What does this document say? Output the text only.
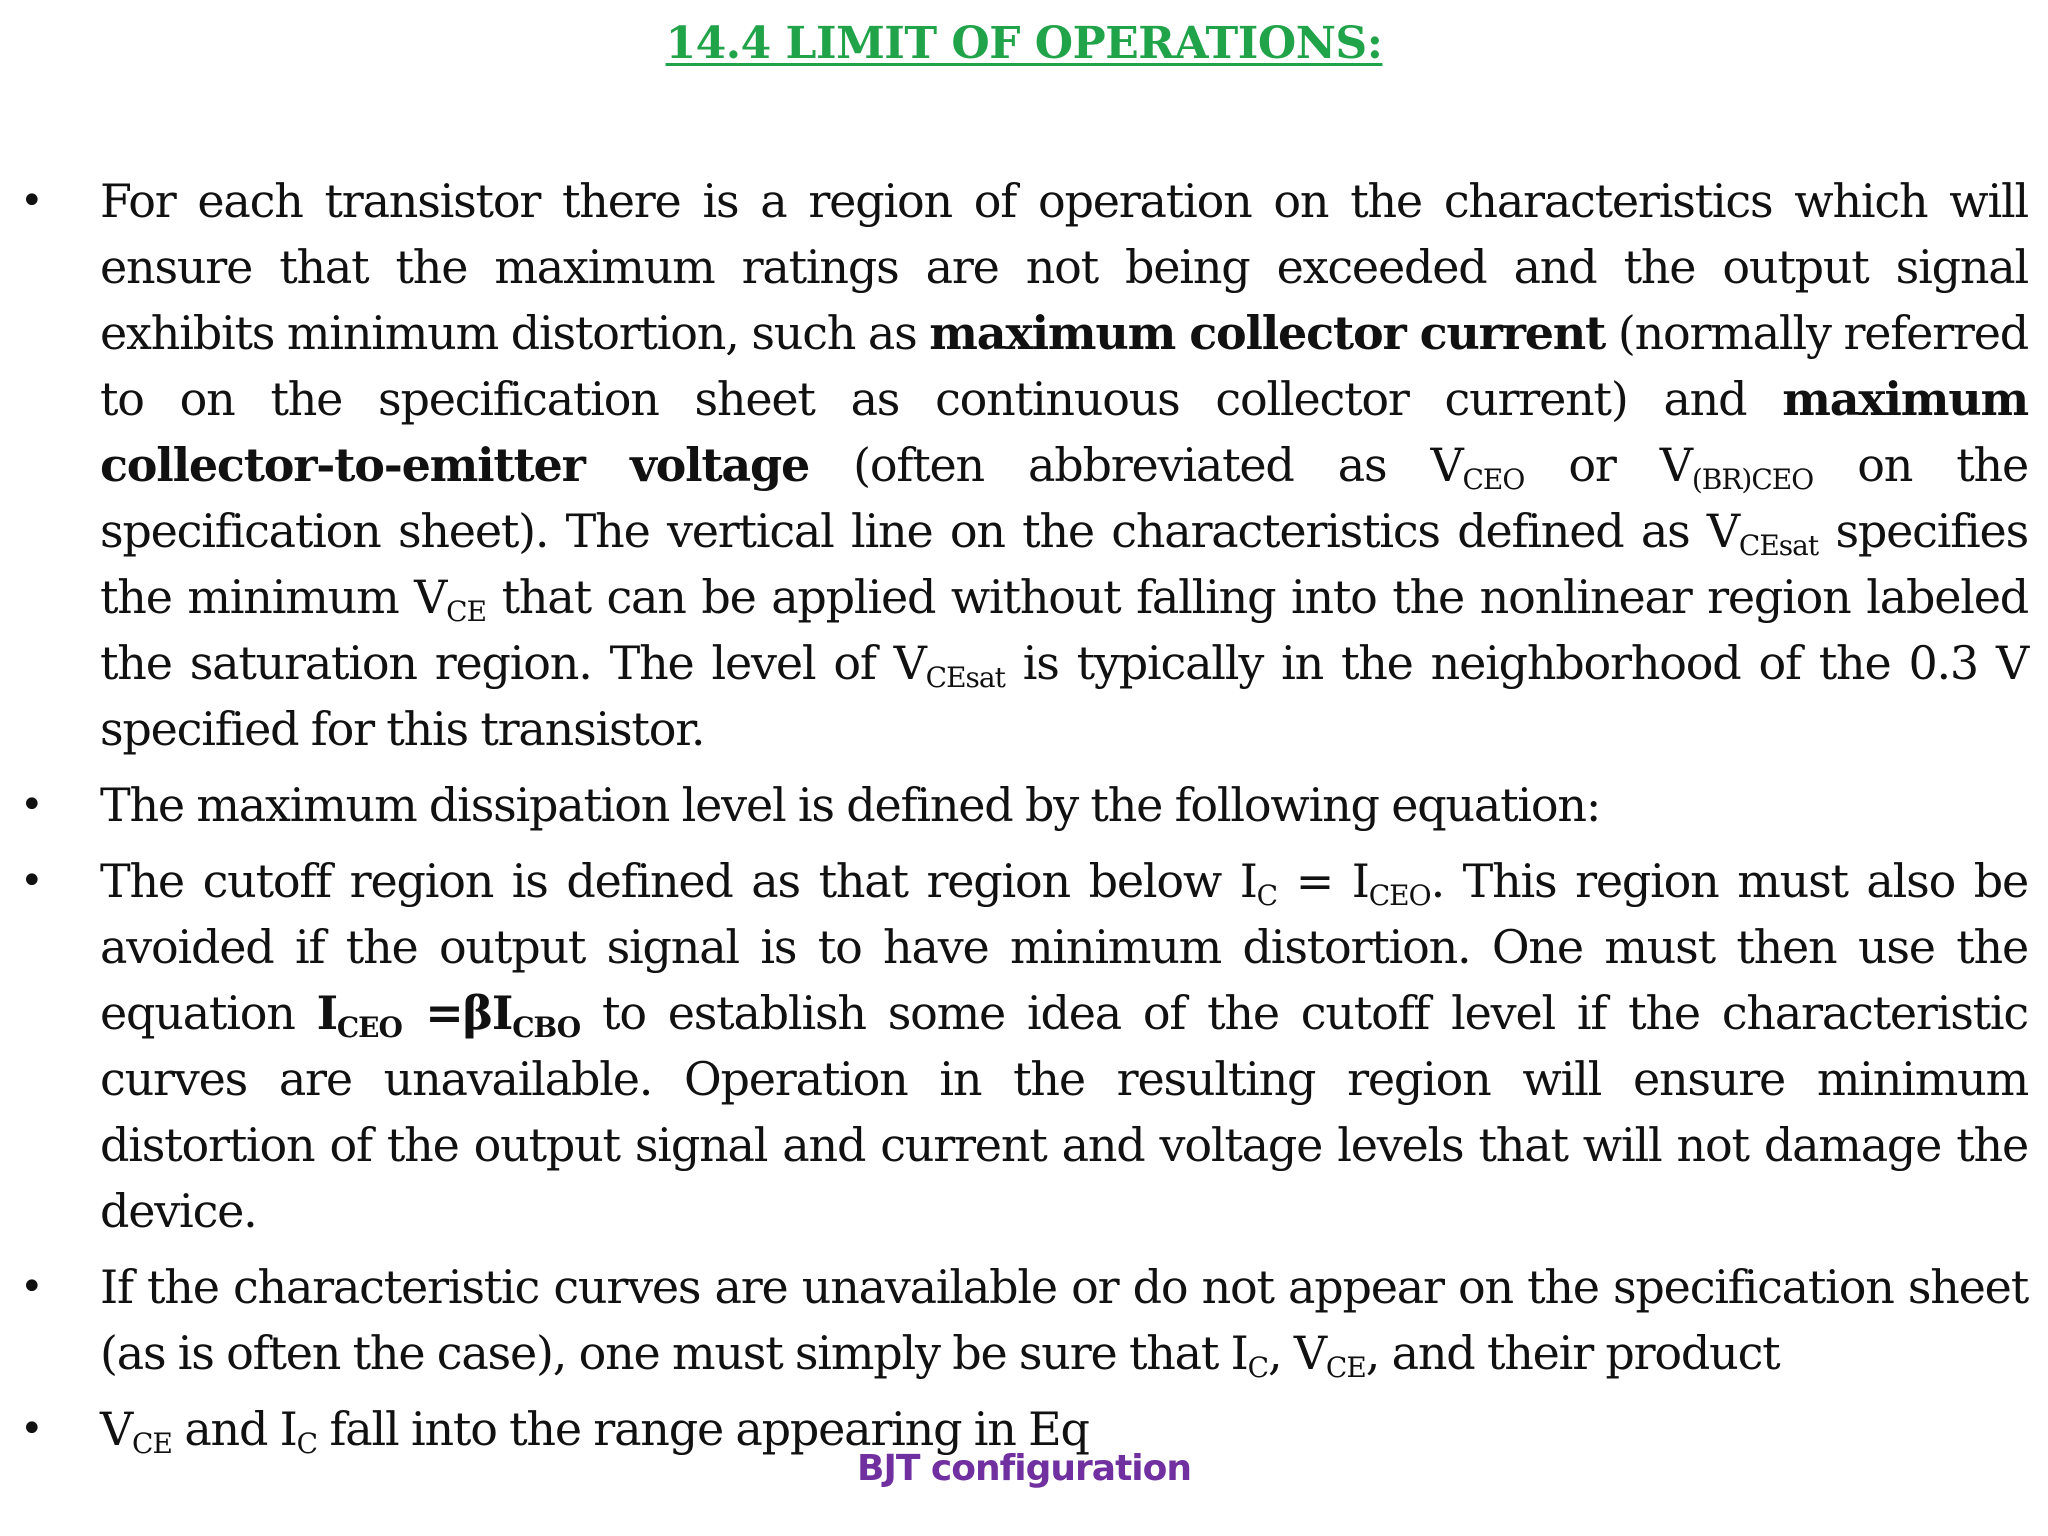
14.4 LIMIT OF OPERATIONS:
•	For each transistor there is a region of operation on the characteristics which will ensure that the maximum ratings are not being exceeded and the output signal exhibits minimum distortion, such as maximum collector current (normally referred to on the specification sheet as continuous collector current) and maximum collector-to-emitter voltage (often abbreviated as $V_{CEO}$ or $V_{(BR)CEO}$ on the specification sheet). The vertical line on the characteristics defined as $V_{CEsat}$ specifies the minimum $V_{CE}$ that can be applied without falling into the nonlinear region labeled the saturation region. The level of $V_{CEsat}$ is typically in the neighborhood of the 0.3 V specified for this transistor.
•	The maximum dissipation level is defined by the following equation:
•	The cutoff region is defined as that region below $I_C = I_{CEO}$. This region must also be avoided if the output signal is to have minimum distortion. One must then use the equation $I_{CEO} =\beta I_{CBO}$ to establish some idea of the cutoff level if the characteristic curves are unavailable. Operation in the resulting region will ensure minimum distortion of the output signal and current and voltage levels that will not damage the device.
•	If the characteristic curves are unavailable or do not appear on the specification sheet (as is often the case), one must simply be sure that $I_C$, $V_{CE}$, and their product
•	$V_{CE}$ and $I_C$ fall into the range appearing in Eq
BJT configuration
